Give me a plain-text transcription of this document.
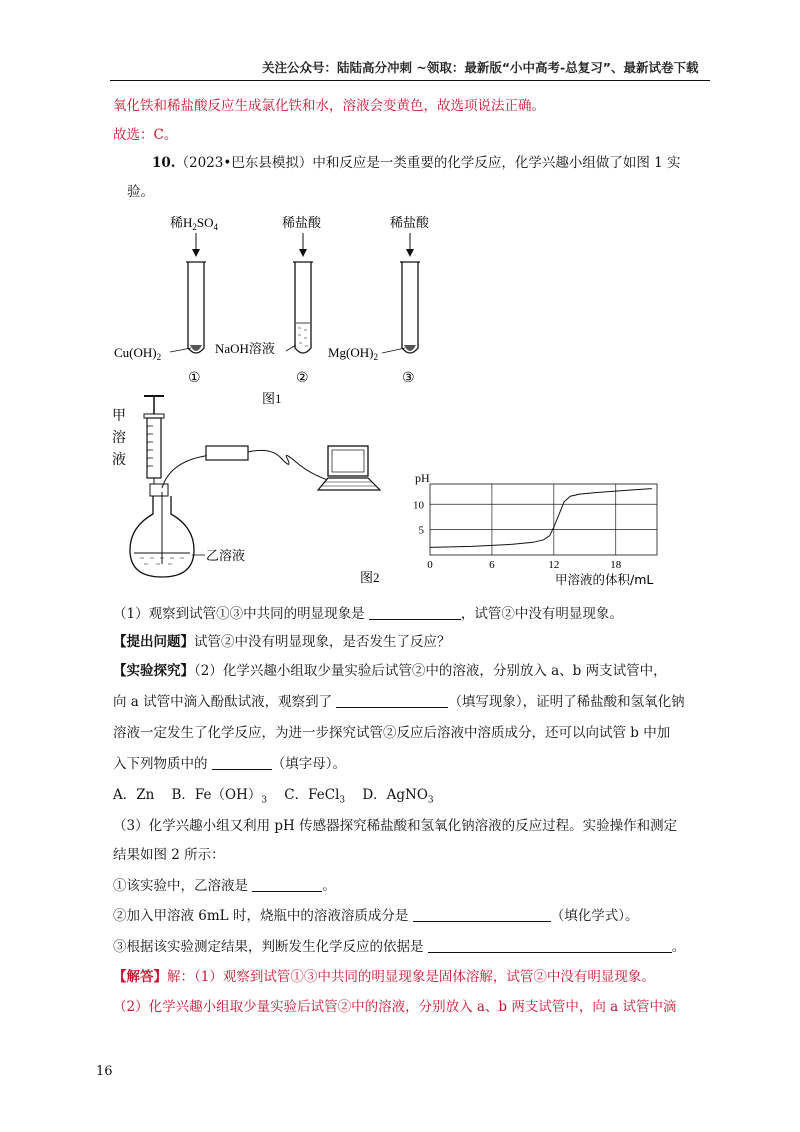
关注公众号：陆陆高分冲刺 ~领取：最新版“小中高考-总复习”、最新试卷下载
氧化铁和稀盐酸反应生成氯化铁和水，溶液会变黄色，故选项说法正确。
故选：C。
10.（2023•巴东县模拟）中和反应是一类重要的化学反应，化学兴趣小组做了如图 1 实
验。
稀$H_2SO_4$	稀盐酸	稀盐酸
$Cu(OH)_2$
NaOH溶液	$Mg(OH)_2$
①	②	③
图1
甲
溶
液
乙溶液
图2
5
10
0	6	12	18
pH
甲溶液的体积/mL
（1）观察到试管①③中共同的明显现象是	，试管②中没有明显现象。
【提出问题】试管②中没有明显现象，是否发生了反应？
【实验探究】（2）化学兴趣小组取少量实验后试管②中的溶液，分别放入 a、b 两支试管中，
向 a 试管中滴入酚酞试液，观察到了	（填写现象），证明了稀盐酸和氢氧化钠
溶液一定发生了化学反应，为进一步探究试管②反应后溶液中溶质成分，还可以向试管 b 中加
入下列物质中的	（填字母）。
A．Zn B．$Fe(OH)_3$ C．FeCl$_3$ D．AgNO$_3$
（3）化学兴趣小组又利用 pH 传感器探究稀盐酸和氢氧化钠溶液的反应过程。实验操作和测定
结果如图 2 所示：
①该实验中，乙溶液是	。
②加入甲溶液 6mL 时，烧瓶中的溶液溶质成分是	（填化学式）。
③根据该实验测定结果，判断发生化学反应的依据是	。
【解答】解：（1）观察到试管①③中共同的明显现象是固体溶解，试管②中没有明显现象。
（2）化学兴趣小组取少量实验后试管②中的溶液，分别放入 a、b 两支试管中，向 a 试管中滴
16
